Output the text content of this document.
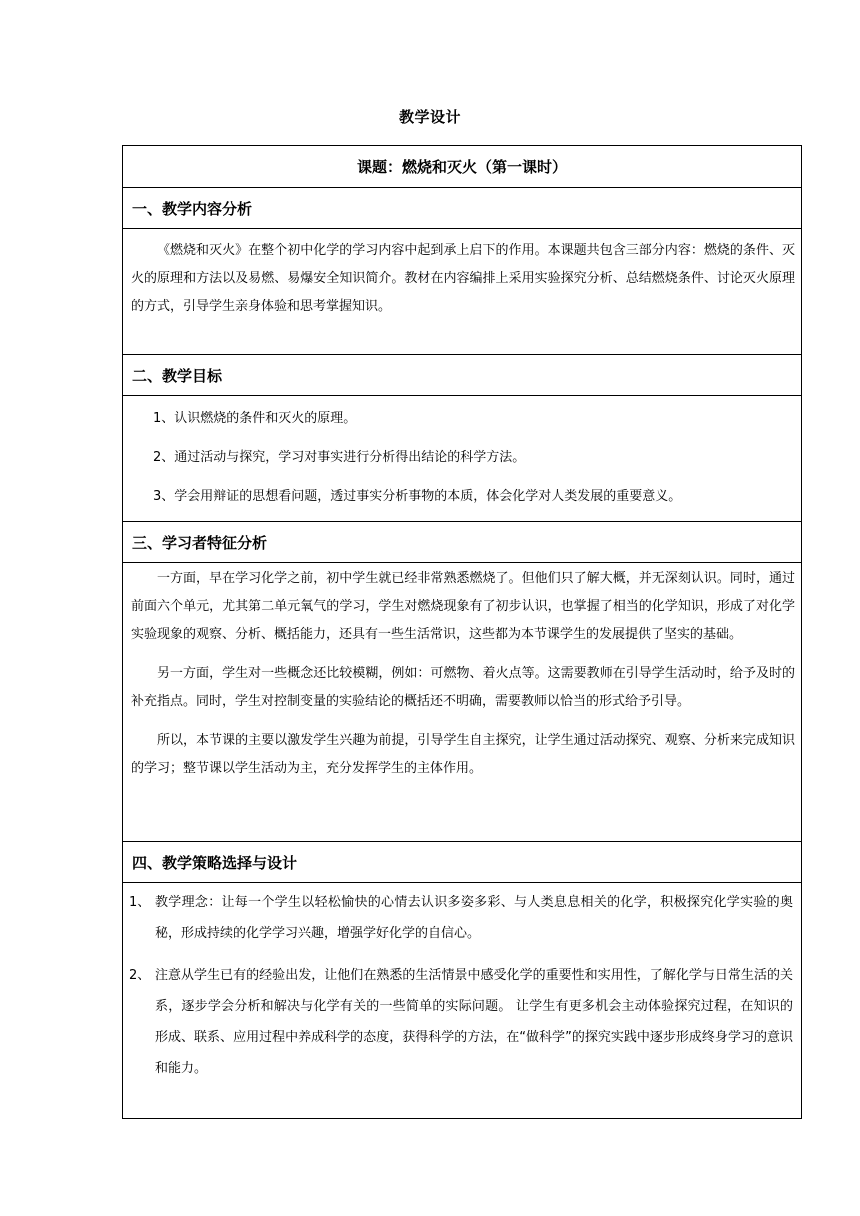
教学设计
课题：燃烧和灭火（第一课时）
一、教学内容分析

《燃烧和灭火》在整个初中化学的学习内容中起到承上启下的作用。本课题共包含三部分内容：燃烧的条件、灭火的原理和方法以及易燃、易爆安全知识简介。教材在内容编排上采用实验探究分析、总结燃烧条件、讨论灭火原理的方式，引导学生亲身体验和思考掌握知识。

二、教学目标

1、认识燃烧的条件和灭火的原理。

2、通过活动与探究，学习对事实进行分析得出结论的科学方法。

3、学会用辩证的思想看问题，透过事实分析事物的本质，体会化学对人类发展的重要意义。

三、学习者特征分析

一方面，早在学习化学之前，初中学生就已经非常熟悉燃烧了。但他们只了解大概，并无深刻认识。同时，通过前面六个单元，尤其第二单元氧气的学习，学生对燃烧现象有了初步认识，也掌握了相当的化学知识，形成了对化学实验现象的观察、分析、概括能力，还具有一些生活常识，这些都为本节课学生的发展提供了坚实的基础。

另一方面，学生对一些概念还比较模糊，例如：可燃物、着火点等。这需要教师在引导学生活动时，给予及时的补充指点。同时，学生对控制变量的实验结论的概括还不明确，需要教师以恰当的形式给予引导。

所以，本节课的主要以激发学生兴趣为前提，引导学生自主探究，让学生通过活动探究、观察、分析来完成知识的学习；整节课以学生活动为主，充分发挥学生的主体作用。

四、教学策略选择与设计

1、 教学理念：让每一个学生以轻松愉快的心情去认识多姿多彩、与人类息息相关的化学，积极探究化学实验的奥秘，形成持续的化学学习兴趣，增强学好化学的自信心。
2、 注意从学生已有的经验出发，让他们在熟悉的生活情景中感受化学的重要性和实用性，了解化学与日常生活的关系，逐步学会分析和解决与化学有关的一些简单的实际问题。 让学生有更多机会主动体验探究过程，在知识的形成、联系、应用过程中养成科学的态度，获得科学的方法，在“做科学”的探究实践中逐步形成终身学习的意识和能力。
